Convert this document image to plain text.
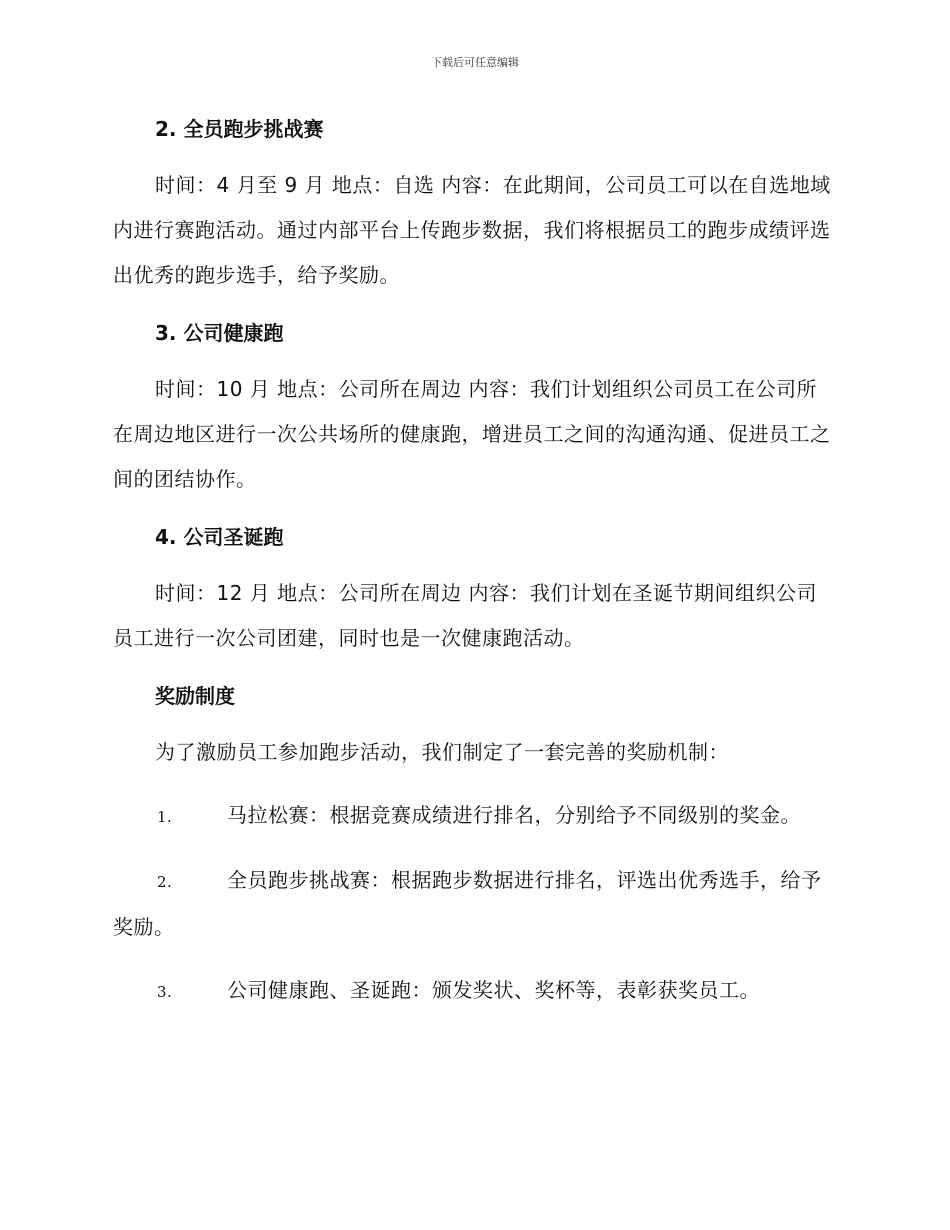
下载后可任意编辑
2. 全员跑步挑战赛

时间：4 月至 9 月 地点：自选 内容：在此期间，公司员工可以在自选地域内进行赛跑活动。通过内部平台上传跑步数据，我们将根据员工的跑步成绩评选出优秀的跑步选手，给予奖励。

3. 公司健康跑

时间：10 月 地点：公司所在周边 内容：我们计划组织公司员工在公司所在周边地区进行一次公共场所的健康跑，增进员工之间的沟通沟通、促进员工之间的团结协作。

4. 公司圣诞跑

时间：12 月 地点：公司所在周边 内容：我们计划在圣诞节期间组织公司员工进行一次公司团建，同时也是一次健康跑活动。

奖励制度

为了激励员工参加跑步活动，我们制定了一套完善的奖励机制：

1.	马拉松赛：根据竞赛成绩进行排名，分别给予不同级别的奖金。

2.	全员跑步挑战赛：根据跑步数据进行排名，评选出优秀选手，给予奖励。

3.	公司健康跑、圣诞跑：颁发奖状、奖杯等，表彰获奖员工。
